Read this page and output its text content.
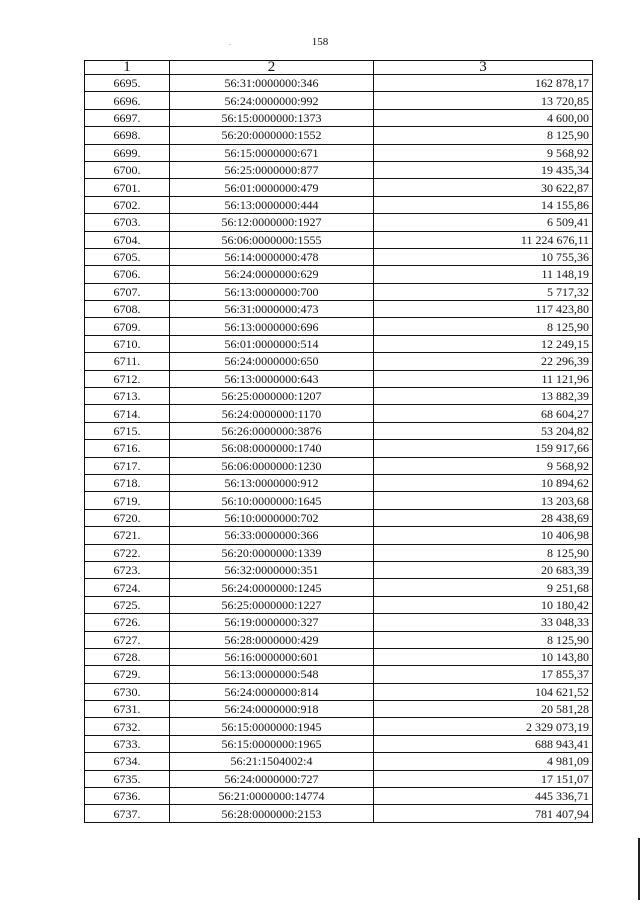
158
.
1	2	3
6695.	56:31:0000000:346	162 878,17
6696.	56:24:0000000:992	13 720,85
6697.	56:15:0000000:1373	4 600,00
6698.	56:20:0000000:1552	8 125,90
6699.	56:15:0000000:671	9 568,92
6700.	56:25:0000000:877	19 435,34
6701.	56:01:0000000:479	30 622,87
6702.	56:13:0000000:444	14 155,86
6703.	56:12:0000000:1927	6 509,41
6704.	56:06:0000000:1555	11 224 676,11
6705.	56:14:0000000:478	10 755,36
6706.	56:24:0000000:629	11 148,19
6707.	56:13:0000000:700	5 717,32
6708.	56:31:0000000:473	117 423,80
6709.	56:13:0000000:696	8 125,90
6710.	56:01:0000000:514	12 249,15
6711.	56:24:0000000:650	22 296,39
6712.	56:13:0000000:643	11 121,96
6713.	56:25:0000000:1207	13 882,39
6714.	56:24:0000000:1170	68 604,27
6715.	56:26:0000000:3876	53 204,82
6716.	56:08:0000000:1740	159 917,66
6717.	56:06:0000000:1230	9 568,92
6718.	56:13:0000000:912	10 894,62
6719.	56:10:0000000:1645	13 203,68
6720.	56:10:0000000:702	28 438,69
6721.	56:33:0000000:366	10 406,98
6722.	56:20:0000000:1339	8 125,90
6723.	56:32:0000000:351	20 683,39
6724.	56:24:0000000:1245	9 251,68
6725.	56:25:0000000:1227	10 180,42
6726.	56:19:0000000:327	33 048,33
6727.	56:28:0000000:429	8 125,90
6728.	56:16:0000000:601	10 143,80
6729.	56:13:0000000:548	17 855,37
6730.	56:24:0000000:814	104 621,52
6731.	56:24:0000000:918	20 581,28
6732.	56:15:0000000:1945	2 329 073,19
6733.	56:15:0000000:1965	688 943,41
6734.	56:21:1504002:4	4 981,09
6735.	56:24:0000000:727	17 151,07
6736.	56:21:0000000:14774	445 336,71
6737.	56:28:0000000:2153	781 407,94
